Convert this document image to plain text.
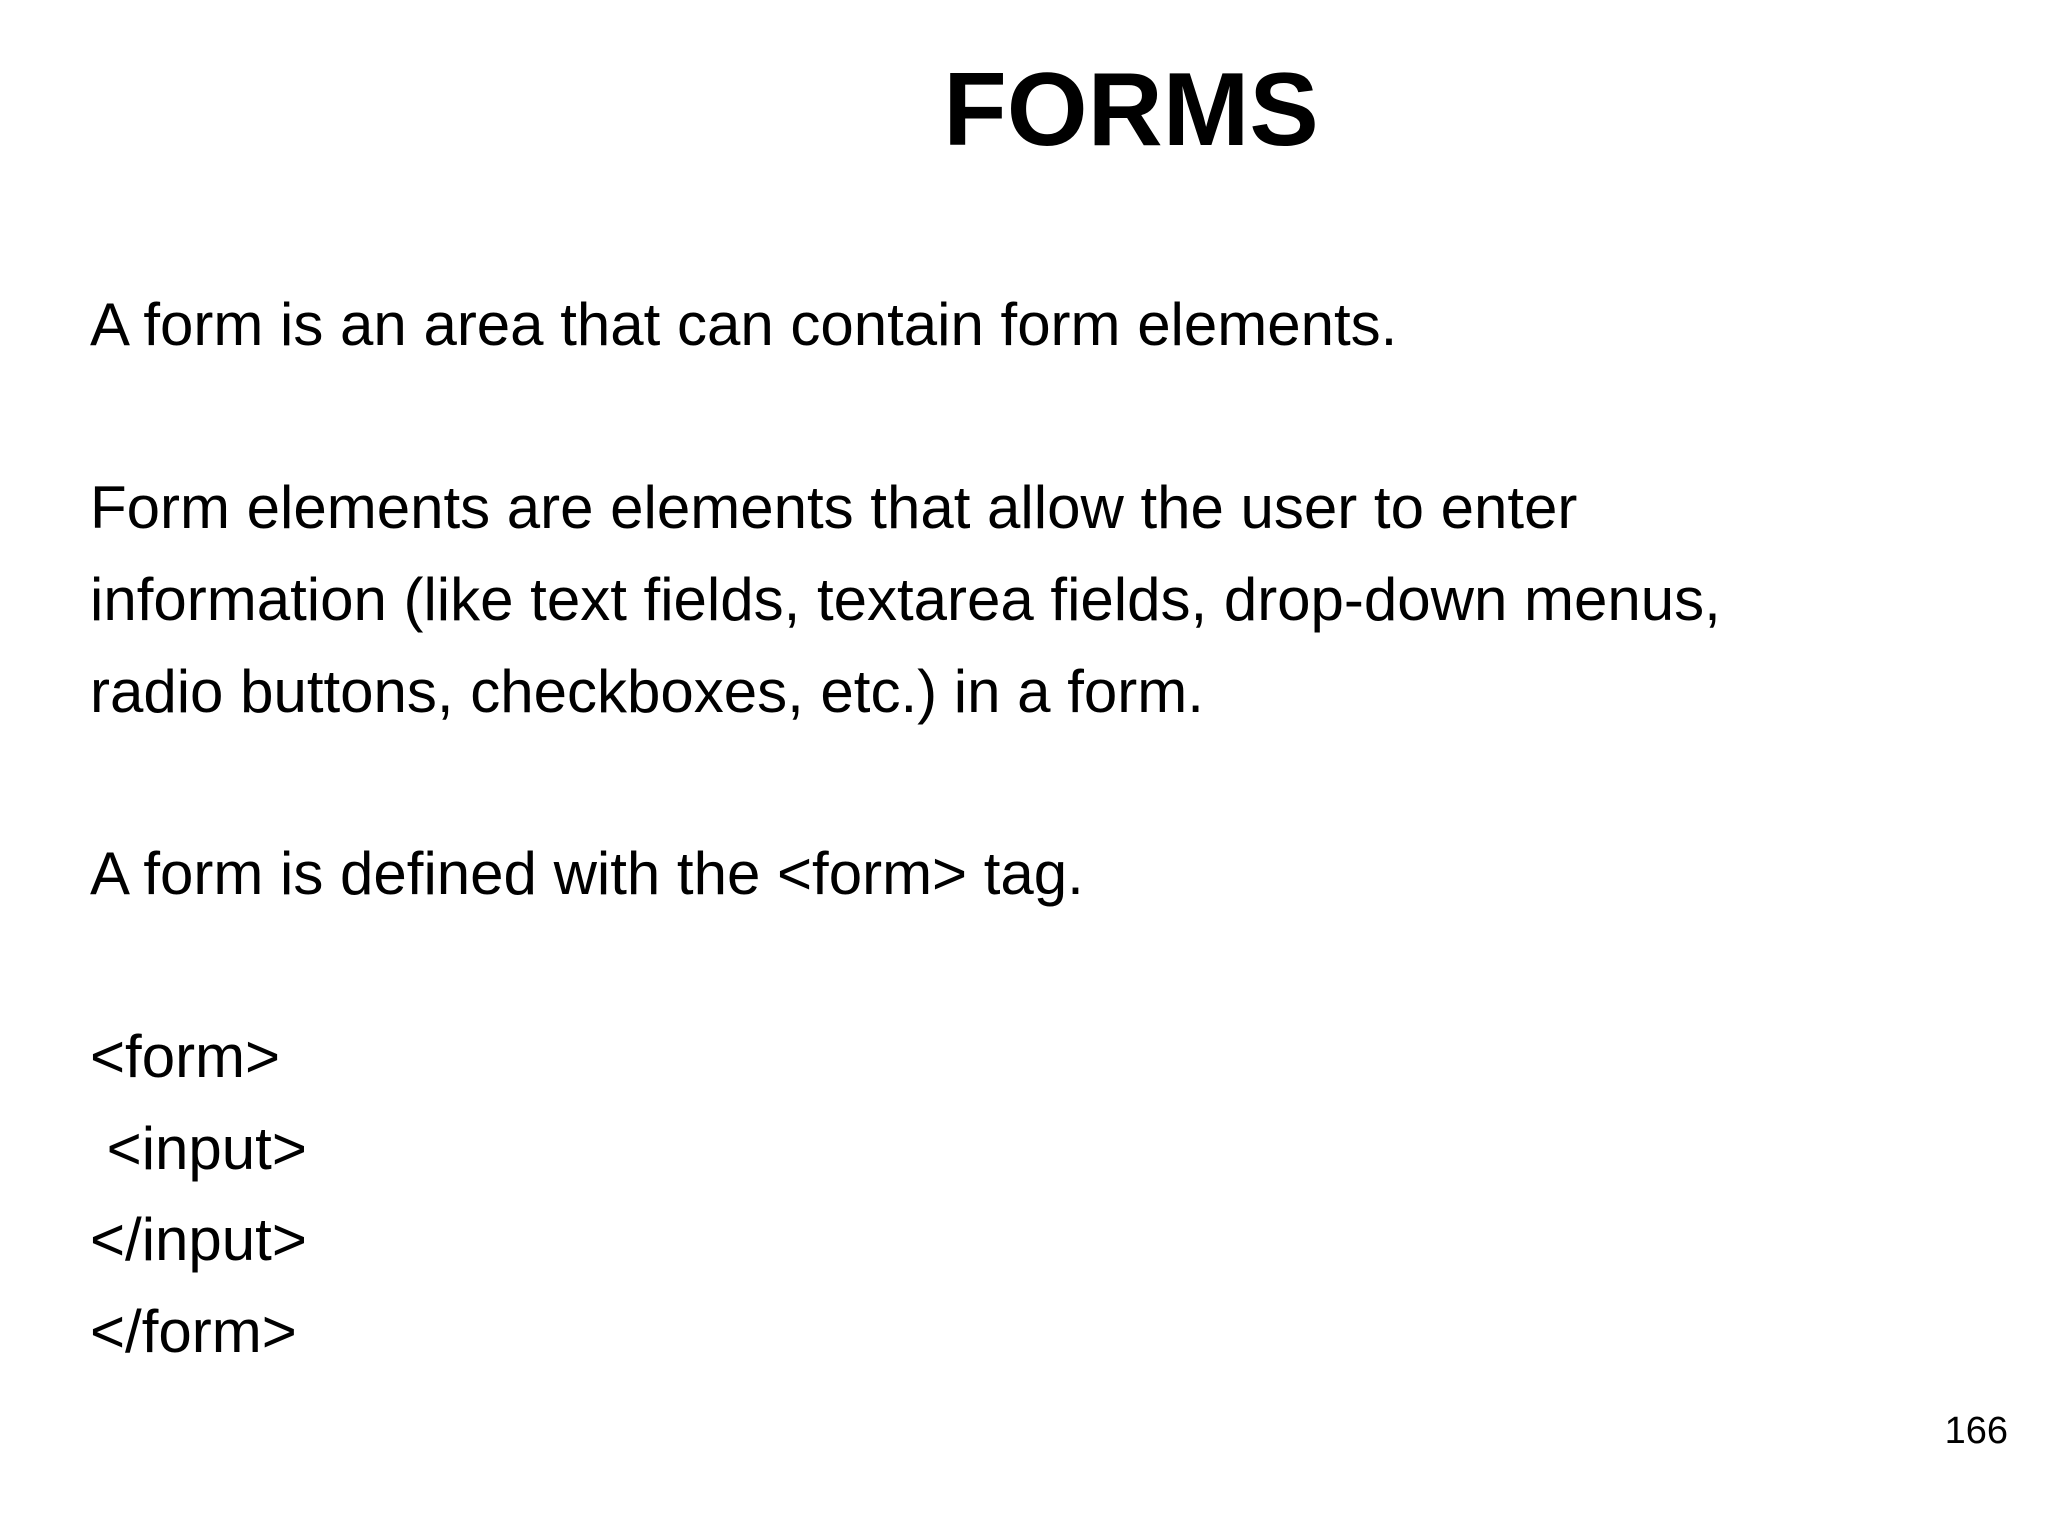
FORMS

A form is an area that can contain form elements.

Form elements are elements that allow the user to enter

information (like text fields, textarea fields, drop-down menus,

radio buttons, checkboxes, etc.) in a form.

A form is defined with the <form> tag.

<form>

<input>

</input>

</form>

166
